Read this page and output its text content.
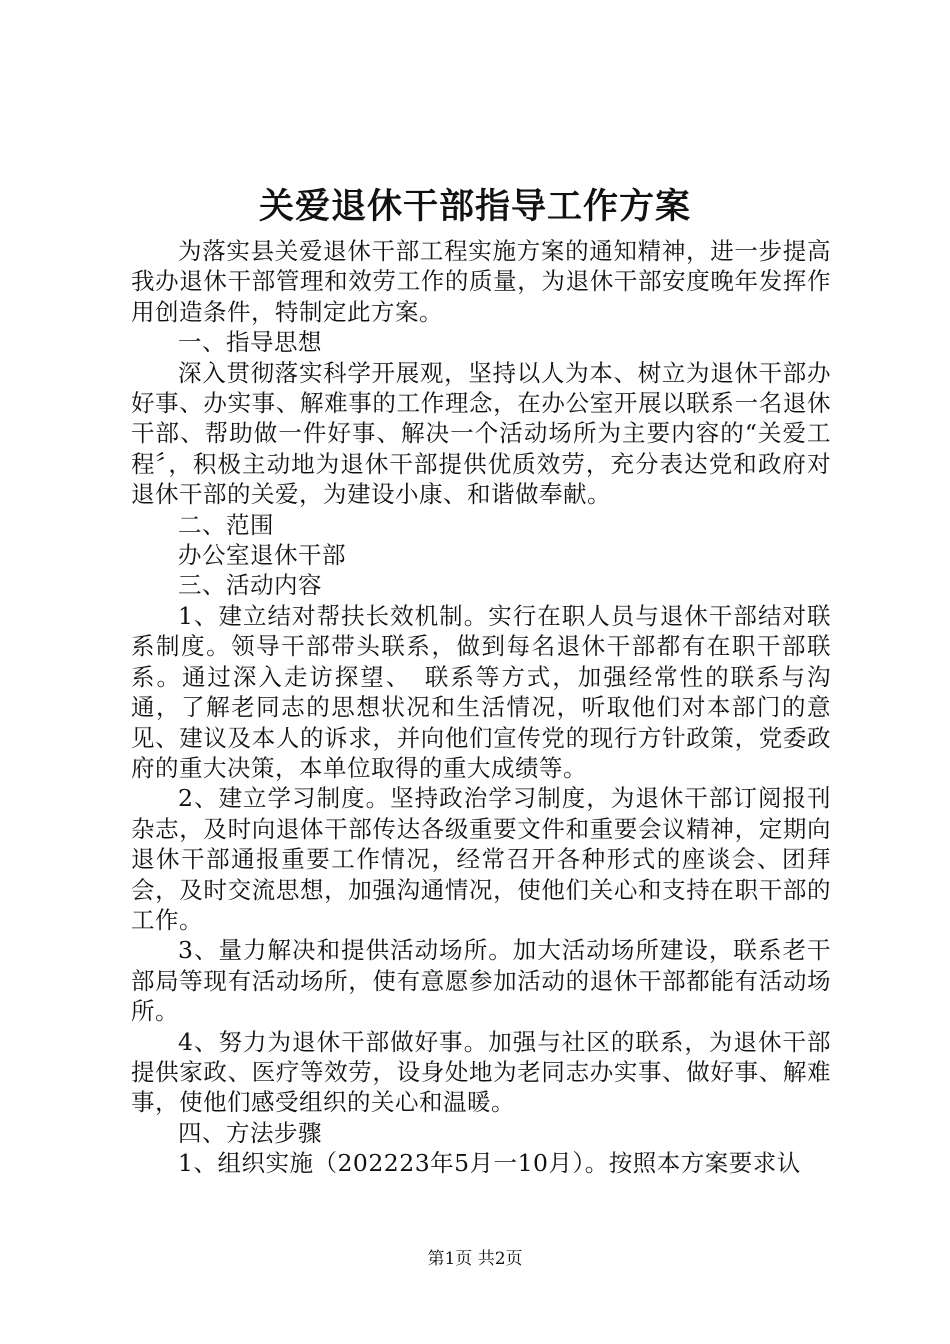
关爱退休干部指导工作方案

为落实县关爱退休干部工程实施方案的通知精神，进一步提高我办退休干部管理和效劳工作的质量，为退休干部安度晚年发挥作用创造条件，特制定此方案。

一、指导思想

深入贯彻落实科学开展观，坚持以人为本、树立为退休干部办好事、办实事、解难事的工作理念，在办公室开展以联系一名退休干部、帮助做一件好事、解决一个活动场所为主要内容的“关爱工程〞，积极主动地为退休干部提供优质效劳，充分表达党和政府对退休干部的关爱，为建设小康、和谐做奉献。

二、范围

办公室退休干部

三、活动内容

1、建立结对帮扶长效机制。实行在职人员与退休干部结对联系制度。领导干部带头联系，做到每名退休干部都有在职干部联系。通过深入走访探望、　联系等方式，加强经常性的联系与沟通，了解老同志的思想状况和生活情况，听取他们对本部门的意见、建议及本人的诉求，并向他们宣传党的现行方针政策，党委政府的重大决策，本单位取得的重大成绩等。

2、建立学习制度。坚持政治学习制度，为退休干部订阅报刊杂志，及时向退体干部传达各级重要文件和重要会议精神，定期向退休干部通报重要工作情况，经常召开各种形式的座谈会、团拜会，及时交流思想，加强沟通情况，使他们关心和支持在职干部的工作。

3、量力解决和提供活动场所。加大活动场所建设，联系老干部局等现有活动场所，使有意愿参加活动的退休干部都能有活动场所。

4、努力为退休干部做好事。加强与社区的联系，为退休干部提供家政、医疗等效劳，设身处地为老同志办实事、做好事、解难事，使他们感受组织的关心和温暖。

四、方法步骤

1、组织实施（202223年5月一10月）。按照本方案要求认

第1页 共2页
